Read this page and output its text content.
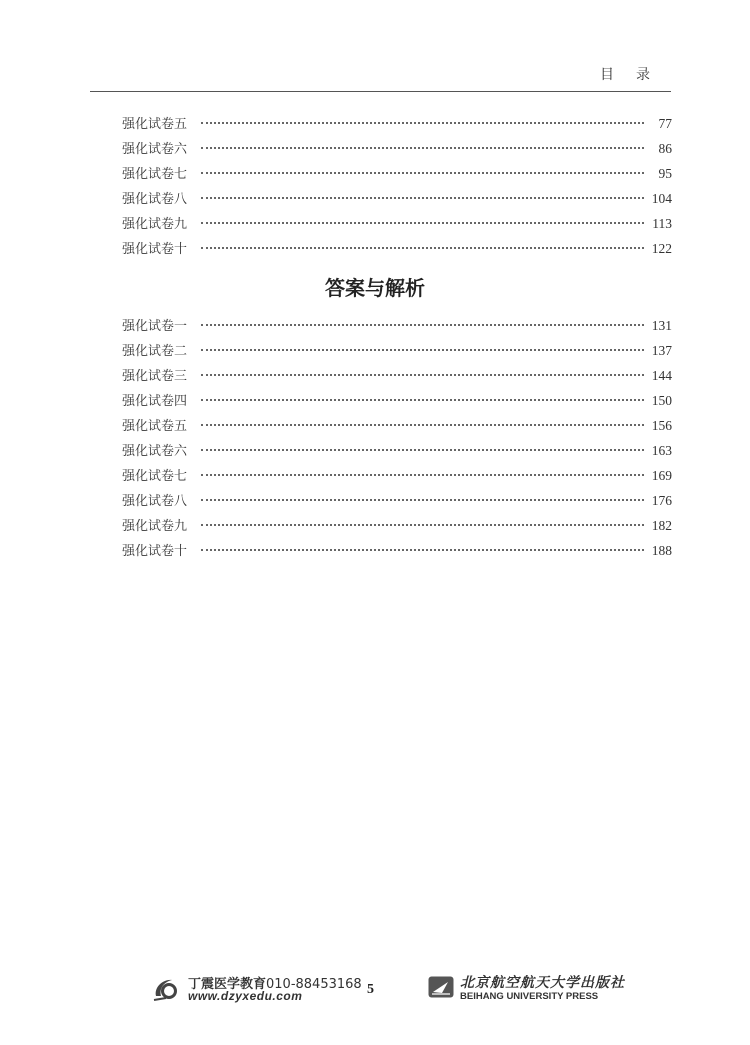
目录
强化试卷五	77
强化试卷六	86
强化试卷七	95
强化试卷八	104
强化试卷九	113
强化试卷十	122
答案与解析
强化试卷一	131
强化试卷二	137
强化试卷三	144
强化试卷四	150
强化试卷五	156
强化试卷六	163
强化试卷七	169
强化试卷八	176
强化试卷九	182
强化试卷十	188
丁震医学教育010-88453168
www.dzyxedu.com	5	北京航空航天大学出版社
BEIHANG UNIVERSITY PRESS
